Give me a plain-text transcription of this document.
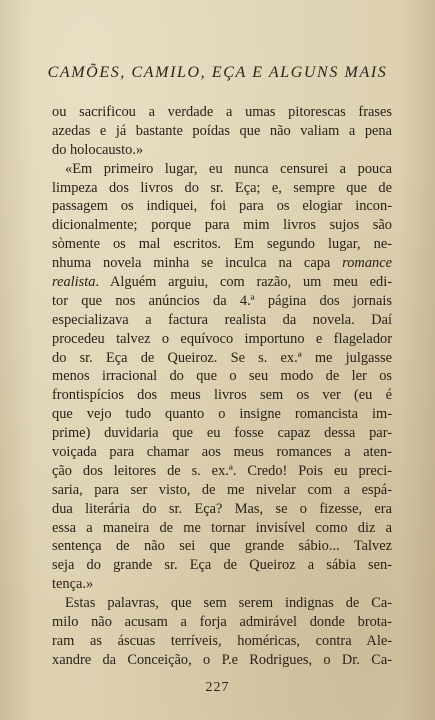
CAMÕES, CAMILO, EÇA E ALGUNS MAIS
ou sacrificou a verdade a umas pitorescas frases
azedas e já bastante poídas que não valiam a pena
do holocausto.»
«Em primeiro lugar, eu nunca censurei a pouca
limpeza dos livros do sr. Eça; e, sempre que de
passagem os indiquei, foi para os elogiar incon-
dicionalmente; porque para mim livros sujos são
sòmente os mal escritos. Em segundo lugar, ne-
nhuma novela minha se inculca na capa romance
realista. Alguém arguiu, com razão, um meu edi-
tor que nos anúncios da 4.ª página dos jornais
especializava a factura realista da novela. Daí
procedeu talvez o equívoco importuno e flagelador
do sr. Eça de Queiroz. Se s. ex.ª me julgasse
menos irracional do que o seu modo de ler os
frontispícios dos meus livros sem os ver (eu é
que vejo tudo quanto o insigne romancista im-
prime) duvidaria que eu fosse capaz dessa par-
voiçada para chamar aos meus romances a aten-
ção dos leitores de s. ex.ª. Credo! Pois eu preci-
saria, para ser visto, de me nivelar com a espá-
dua literária do sr. Eça? Mas, se o fizesse, era
essa a maneira de me tornar invisível como diz a
sentença de não sei que grande sábio... Talvez
seja do grande sr. Eça de Queiroz a sábia sen-
tença.»
Estas palavras, que sem serem indignas de Ca-
milo não acusam a forja admirável donde brota-
ram as áscuas terríveis, homéricas, contra Ale-
xandre da Conceição, o P.e Rodrigues, o Dr. Ca-
227
